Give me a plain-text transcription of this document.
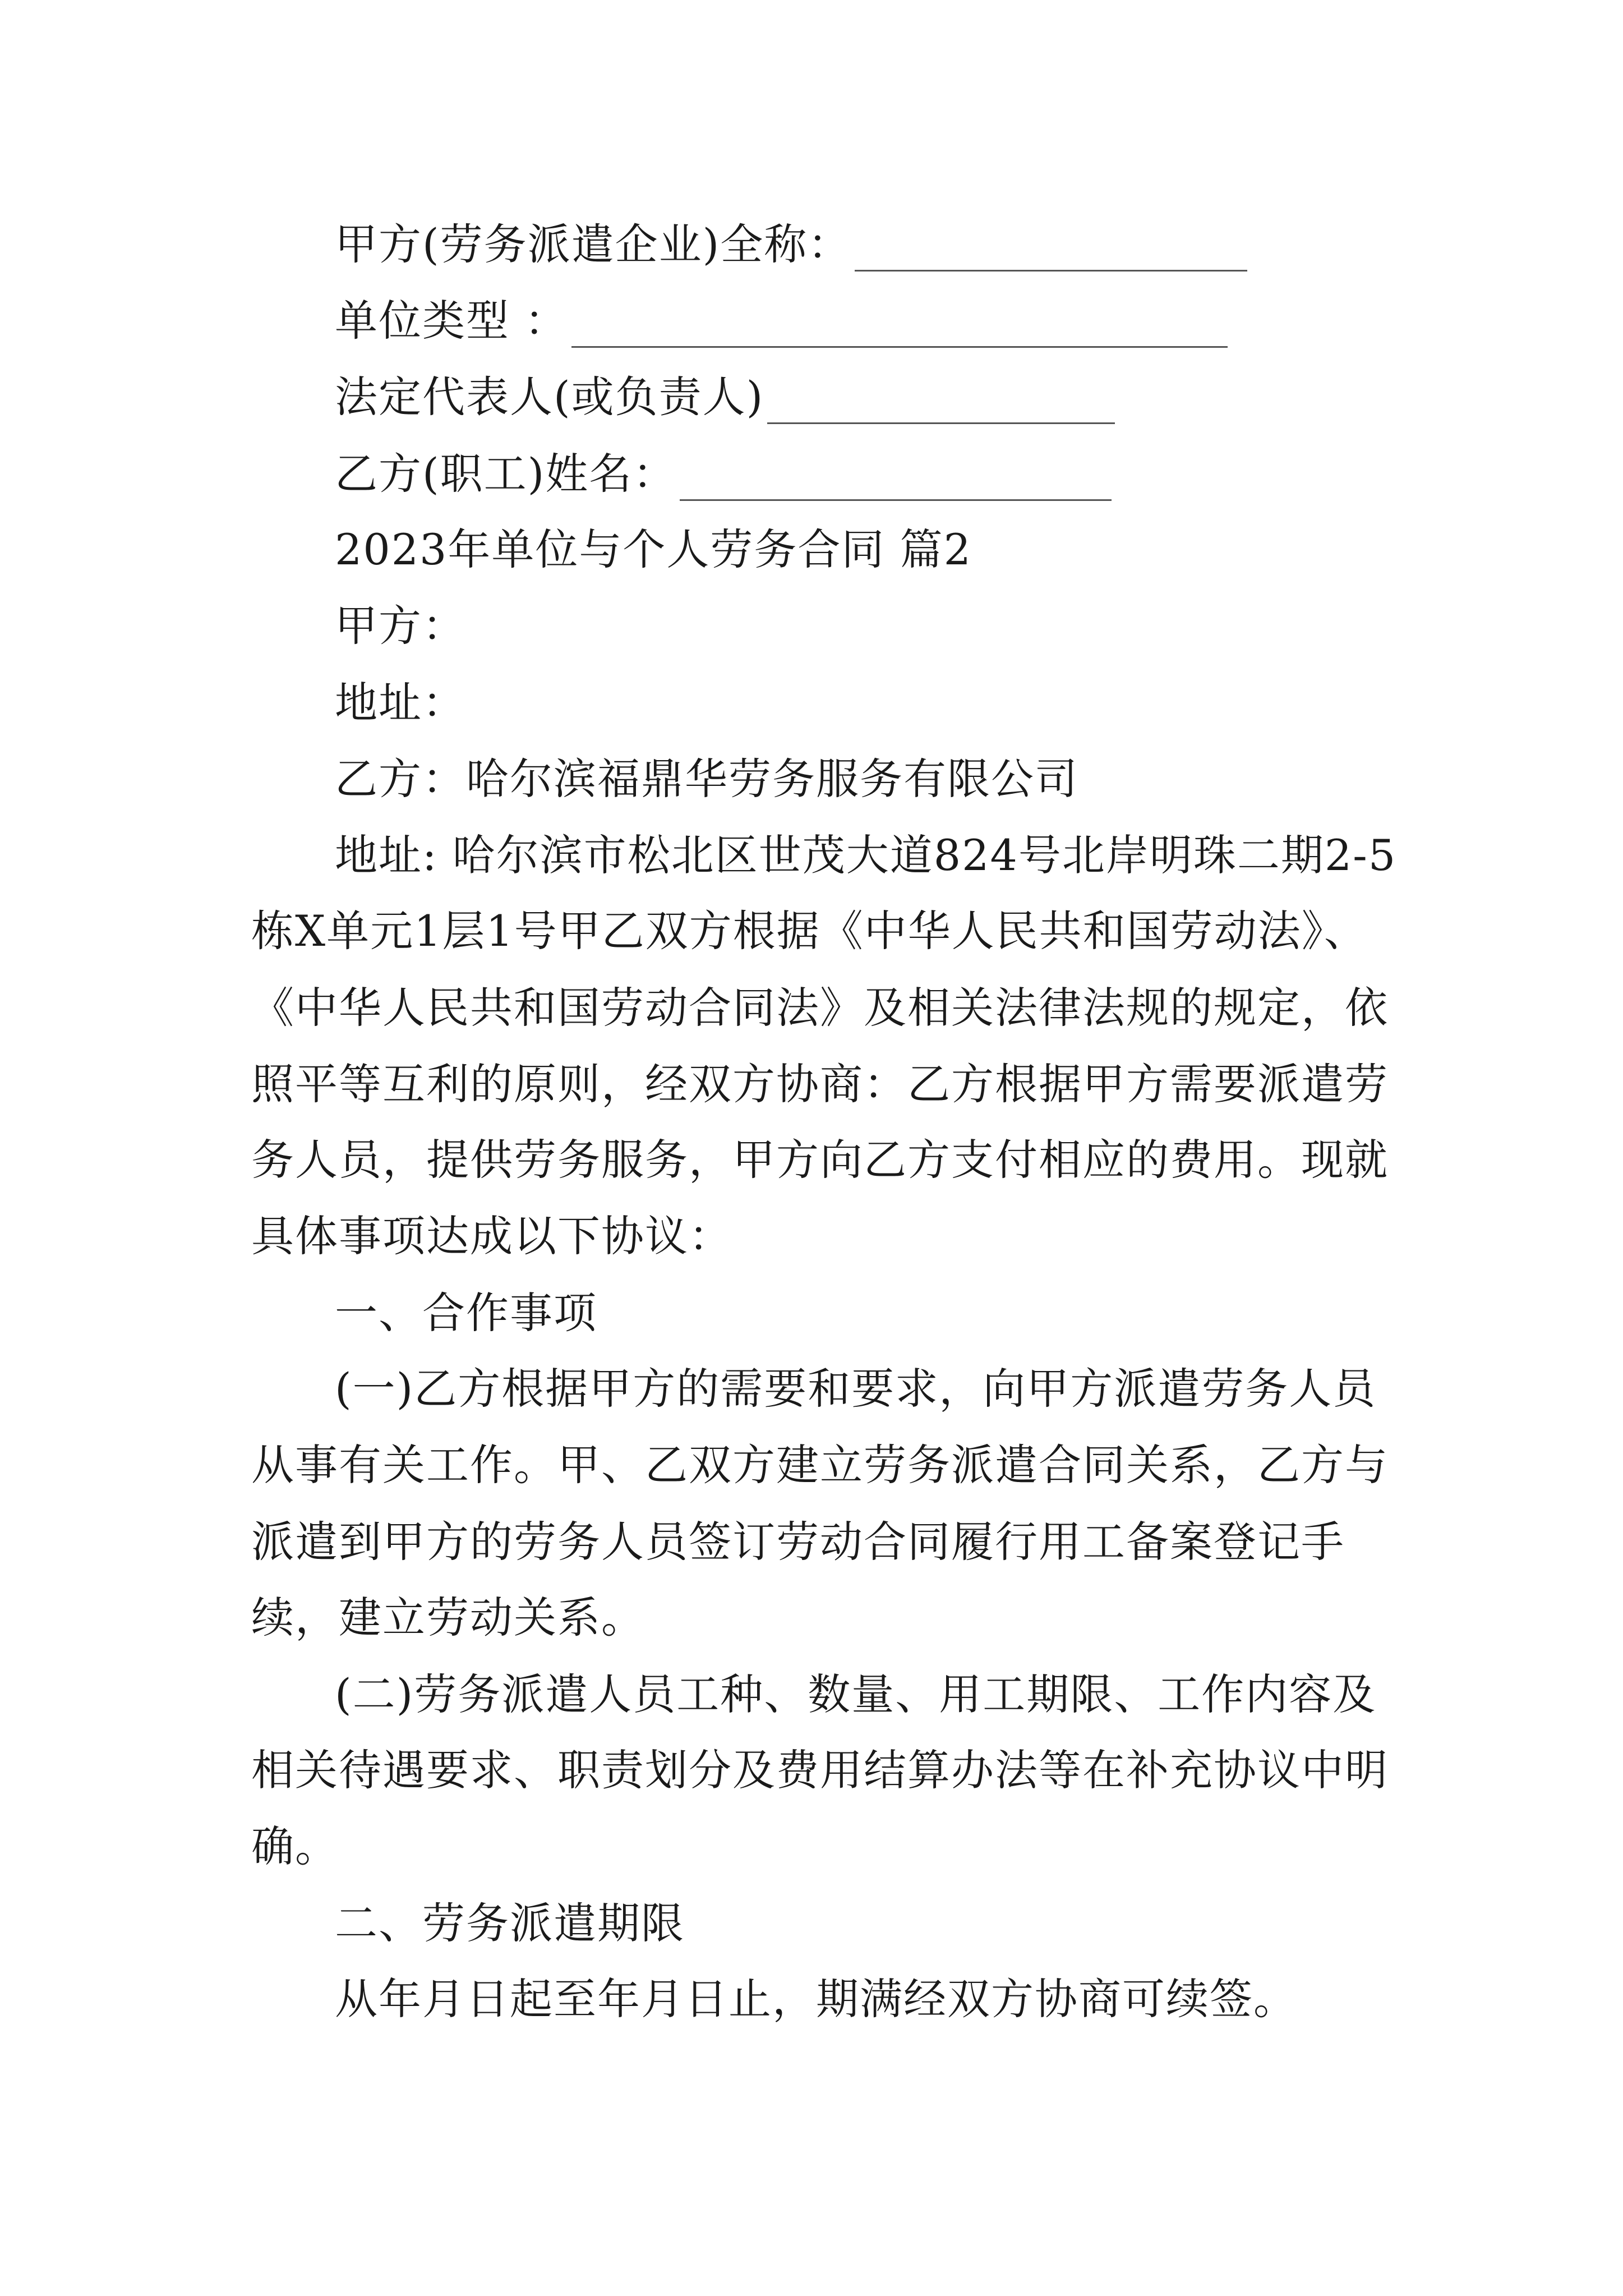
甲方(劳务派遣企业)全称：
单位类型 ：
法定代表人(或负责人)
乙方(职工)姓名：
2023年单位与个人劳务合同 篇2
甲方：
地址：
乙方：哈尔滨福鼎华劳务服务有限公司
地址: 哈尔滨市松北区世茂大道824号北岸明珠二期2-5
栋X单元1层1号甲乙双方根据《中华人民共和国劳动法》、
《中华人民共和国劳动合同法》及相关法律法规的规定，依
照平等互利的原则，经双方协商：乙方根据甲方需要派遣劳
务人员，提供劳务服务，甲方向乙方支付相应的费用。现就
具体事项达成以下协议：
一、合作事项
(一)乙方根据甲方的需要和要求，向甲方派遣劳务人员
从事有关工作。甲、乙双方建立劳务派遣合同关系，乙方与
派遣到甲方的劳务人员签订劳动合同履行用工备案登记手
续，建立劳动关系。
(二)劳务派遣人员工种、数量、用工期限、工作内容及
相关待遇要求、职责划分及费用结算办法等在补充协议中明
确。
二、劳务派遣期限
从年月日起至年月日止，期满经双方协商可续签。
